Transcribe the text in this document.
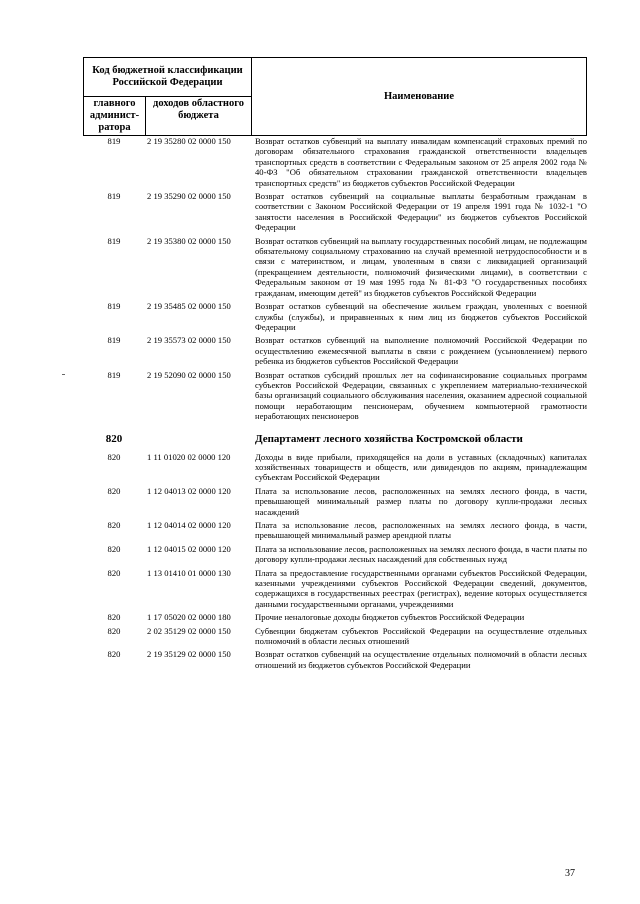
Код бюджетной классификации Российской Федерации		Наименование
главного админист-ратора	доходов областного бюджета	
819	2 19 35280 02 0000 150	Возврат остатков субвенций на выплату инвалидам компенсаций страховых премий по договорам обязательного страхования гражданской ответственности владельцев транспортных средств в соответствии с Федеральным законом от 25 апреля 2002 года № 40-ФЗ "Об обязательном страховании гражданской ответственности владельцев транспортных средств" из бюджетов субъектов Российской Федерации
819	2 19 35290 02 0000 150	Возврат остатков субвенций на социальные выплаты безработным гражданам в соответствии с Законом Российской Федерации от 19 апреля 1991 года № 1032-1 "О занятости населения в Российской Федерации" из бюджетов субъектов Российской Федерации
819	2 19 35380 02 0000 150	Возврат остатков субвенций на выплату государственных пособий лицам, не подлежащим обязательному социальному страхованию на случай временной нетрудоспособности и в связи с материнством, и лицам, уволенным в связи с ликвидацией организаций (прекращением деятельности, полномочий физическими лицами), в соответствии с Федеральным законом от 19 мая 1995 года № 81-ФЗ "О государственных пособиях гражданам, имеющим детей" из бюджетов субъектов Российской Федерации
819	2 19 35485 02 0000 150	Возврат остатков субвенций на обеспечение жильем граждан, уволенных с военной службы (службы), и приравненных к ним лиц из бюджетов субъектов Российской Федерации
819	2 19 35573 02 0000 150	Возврат остатков субвенций на выполнение полномочий Российской Федерации по осуществлению ежемесячной выплаты в связи с рождением (усыновлением) первого ребенка из бюджетов субъектов Российской Федерации
819	2 19 52090 02 0000 150	Возврат остатков субсидий прошлых лет на софинансирование социальных программ субъектов Российской Федерации, связанных с укреплением материально-технической базы организаций социального обслуживания населения, оказанием адресной социальной помощи неработающим пенсионерам, обучением компьютерной грамотности неработающих пенсионеров
820		Департамент лесного хозяйства Костромской области
820	1 11 01020 02 0000 120	Доходы в виде прибыли, приходящейся на доли в уставных (складочных) капиталах хозяйственных товариществ и обществ, или дивидендов по акциям, принадлежащим субъектам Российской Федерации
820	1 12 04013 02 0000 120	Плата за использование лесов, расположенных на землях лесного фонда, в части, превышающей минимальный размер платы по договору купли-продажи лесных насаждений
820	1 12 04014 02 0000 120	Плата за использование лесов, расположенных на землях лесного фонда, в части, превышающей минимальный размер арендной платы
820	1 12 04015 02 0000 120	Плата за использование лесов, расположенных на землях лесного фонда, в части платы по договору купли-продажи лесных насаждений для собственных нужд
820	1 13 01410 01 0000 130	Плата за предоставление государственными органами субъектов Российской Федерации, казенными учреждениями субъектов Российской Федерации сведений, документов, содержащихся в государственных реестрах (регистрах), ведение которых осуществляется данными государственными органами, учреждениями
820	1 17 05020 02 0000 180	Прочие неналоговые доходы бюджетов субъектов Российской Федерации
820	2 02 35129 02 0000 150	Субвенции бюджетам субъектов Российской Федерации на осуществление отдельных полномочий в области лесных отношений
820	2 19 35129 02 0000 150	Возврат остатков субвенций на осуществление отдельных полномочий в области лесных отношений из бюджетов субъектов Российской Федерации
37
